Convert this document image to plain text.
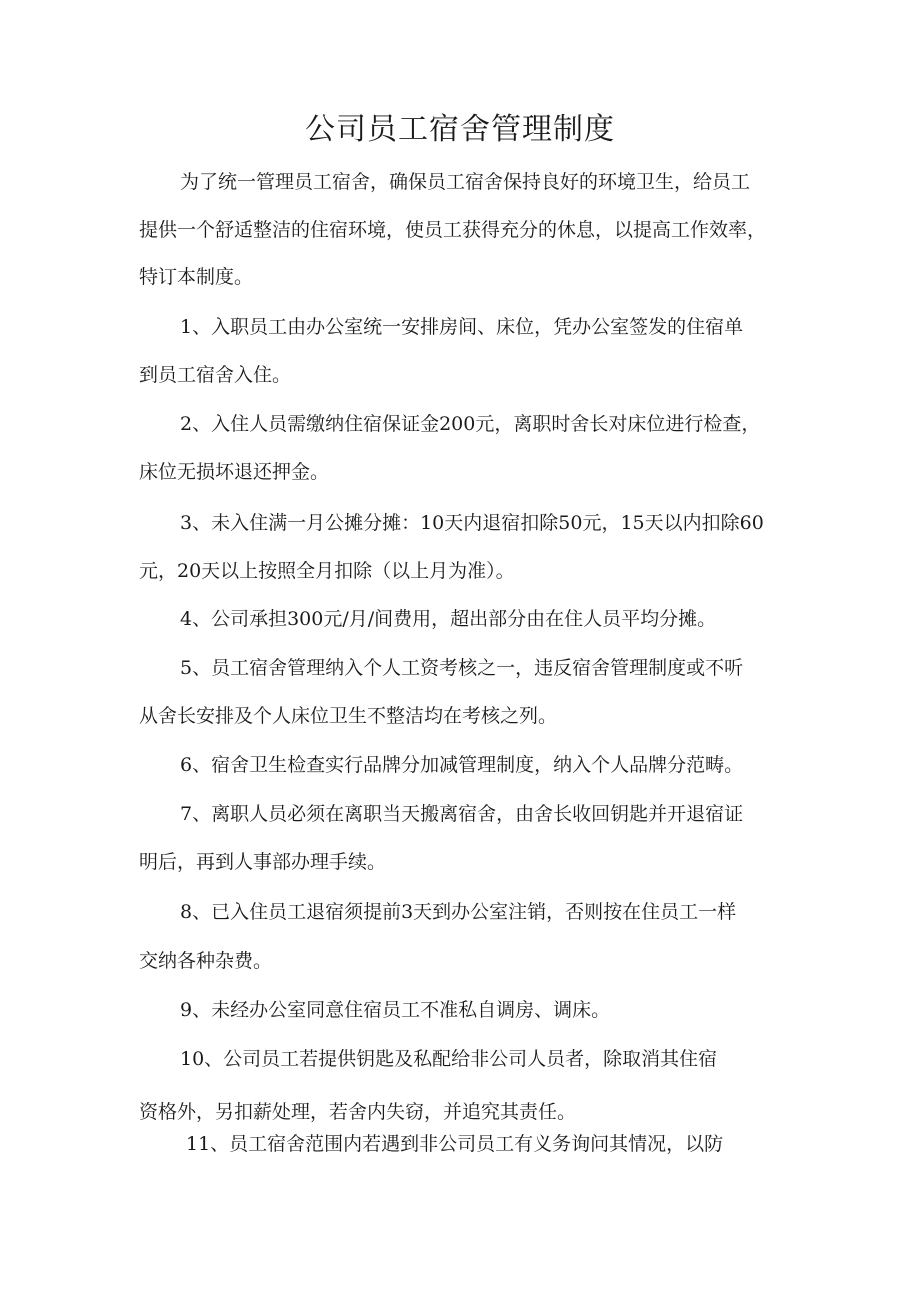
公司员工宿舍管理制度
为了统一管理员工宿舍，确保员工宿舍保持良好的环境卫生，给员工
提供一个舒适整洁的住宿环境，使员工获得充分的休息，以提高工作效率，
特订本制度。
1、入职员工由办公室统一安排房间、床位，凭办公室签发的住宿单
到员工宿舍入住。
2、入住人员需缴纳住宿保证金200元，离职时舍长对床位进行检查，
床位无损坏退还押金。
3、未入住满一月公摊分摊：10天内退宿扣除50元，15天以内扣除60
元，20天以上按照全月扣除（以上月为准）。
4、公司承担300元/月/间费用，超出部分由在住人员平均分摊。
5、员工宿舍管理纳入个人工资考核之一，违反宿舍管理制度或不听
从舍长安排及个人床位卫生不整洁均在考核之列。
6、宿舍卫生检查实行品牌分加减管理制度，纳入个人品牌分范畴。
7、离职人员必须在离职当天搬离宿舍，由舍长收回钥匙并开退宿证
明后，再到人事部办理手续。
8、已入住员工退宿须提前3天到办公室注销，否则按在住员工一样
交纳各种杂费。
9、未经办公室同意住宿员工不准私自调房、调床。
10、公司员工若提供钥匙及私配给非公司人员者，除取消其住宿
资格外，另扣薪处理，若舍内失窃，并追究其责任。
11、员工宿舍范围内若遇到非公司员工有义务询问其情况，以防
